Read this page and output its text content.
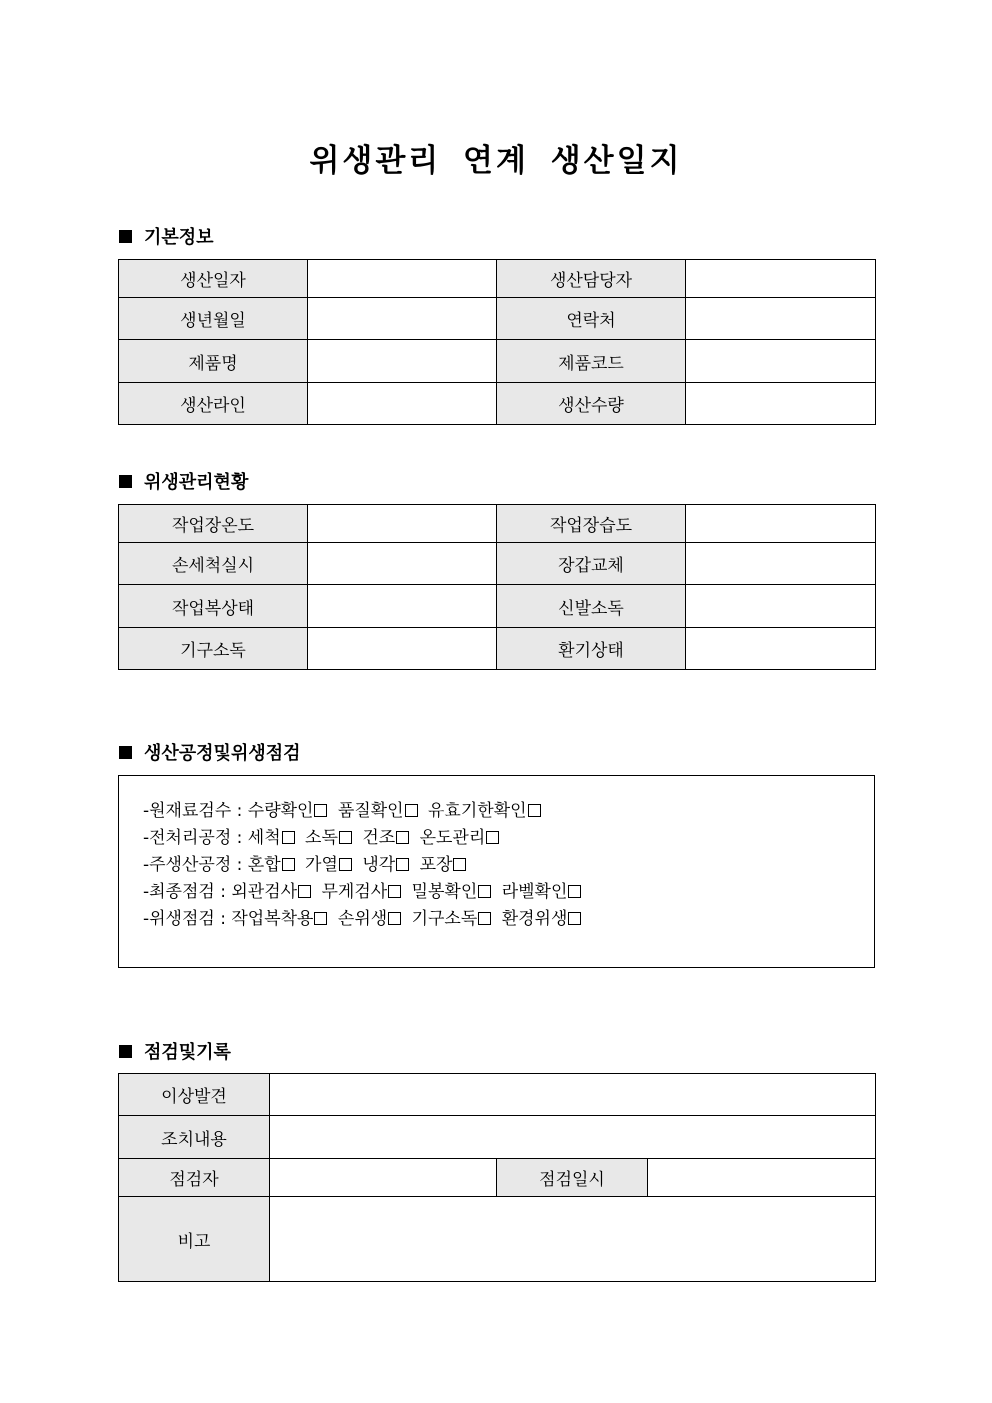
위생관리 연계 생산일지
기본정보
생산일자		생산담당자	
생년월일		연락처	
제품명		제품코드	
생산라인		생산수량	
위생관리현황
작업장온도		작업장습도	
손세척실시		장갑교체	
작업복상태		신발소독	
기구소독		환기상태	
생산공정및위생점검
-원재료검수 : 수량확인 품질확인 유효기한확인
-전처리공정 : 세척 소독 건조 온도관리
-주생산공정 : 혼합 가열 냉각 포장
-최종점검 : 외관검사 무게검사 밀봉확인 라벨확인
-위생점검 : 작업복착용 손위생 기구소독 환경위생
점검및기록
이상발견			
조치내용			
점검자		점검일시	
비고			
